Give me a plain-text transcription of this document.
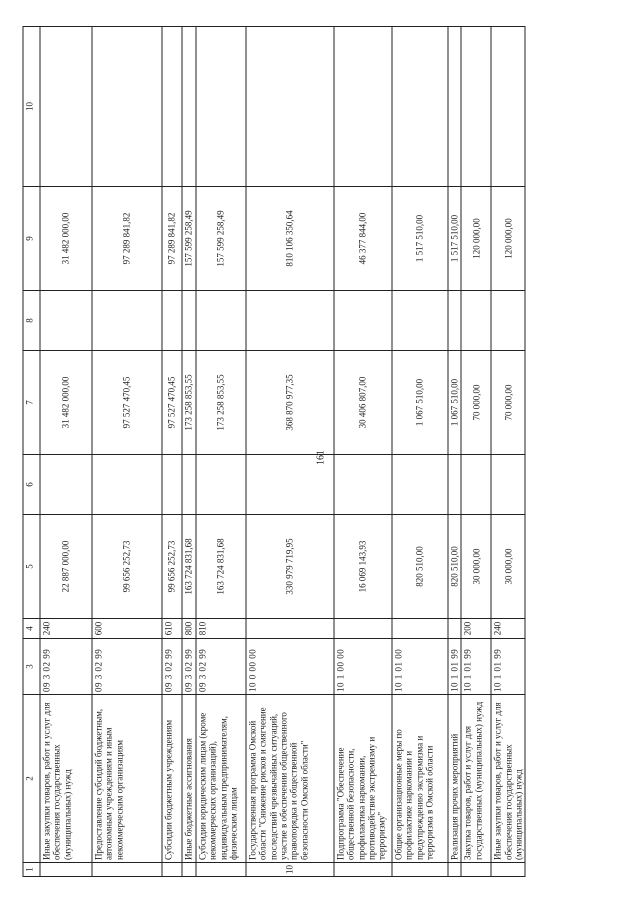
161
1	2	3	4	5	6	7	8	9	10
	Иные закупки товаров, работ и услуг для обеспечения государственных (муниципальных) нужд	09 3 02 99	240	22 887 000,00		31 482 000,00		31 482 000,00	
	Предоставление субсидий бюджетным, автономным учреждениям и иным некоммерческим организациям	09 3 02 99	600	99 656 252,73		97 527 470,45		97 289 841,82	
	Субсидии бюджетным учреждениям	09 3 02 99	610	99 656 252,73		97 527 470,45		97 289 841,82	
	Иные бюджетные ассигнования	09 3 02 99	800	163 724 831,68		173 258 853,55		157 599 258,49	
	Субсидии юридическим лицам (кроме некоммерческих организаций), индивидуальным предпринимателям, физическим лицам	09 3 02 99	810	163 724 831,68		173 258 853,55		157 599 258,49	
10	Государственная программа Омской области "Снижение рисков и смягчение последствий чрезвычайных ситуаций, участие в обеспечении общественного правопорядка и общественной безопасности Омской области"	10 0 00 00		330 979 719,95		368 870 977,35		810 106 350,64	
	Подпрограмма "Обеспечение общественной безопасности, профилактика наркомании, противодействие экстремизму и терроризму"	10 1 00 00		16 069 143,93		30 406 807,00		46 377 844,00	
	Общие организационные меры по профилактике наркомании и предупреждению экстремизма и терроризма в Омской области	10 1 01 00		820 510,00		1 067 510,00		1 517 510,00	
	Реализация прочих мероприятий	10 1 01 99		820 510,00		1 067 510,00		1 517 510,00	
	Закупка товаров, работ и услуг для государственных (муниципальных) нужд	10 1 01 99	200	30 000,00		70 000,00		120 000,00	
	Иные закупки товаров, работ и услуг для обеспечения государственных (муниципальных) нужд	10 1 01 99	240	30 000,00		70 000,00		120 000,00	
